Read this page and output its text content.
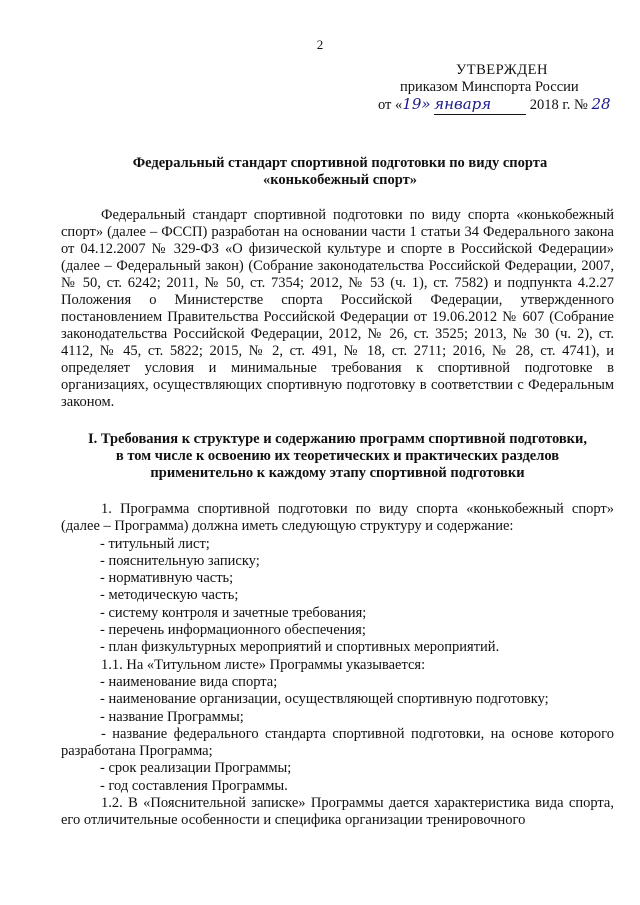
2
УТВЕРЖДЕН
приказом Минспорта России
от «19» января	2018 г. № 28
Федеральный стандарт спортивной подготовки по виду спорта
«конькобежный спорт»
Федеральный стандарт спортивной подготовки по виду спорта «конькобежный спорт» (далее – ФССП) разработан на основании части 1 статьи 34 Федерального закона от 04.12.2007 № 329-ФЗ «О физической культуре и спорте в Российской Федерации» (далее – Федеральный закон) (Собрание законодательства Российской Федерации, 2007, № 50, ст. 6242; 2011, № 50, ст. 7354; 2012, № 53 (ч. 1), ст. 7582) и подпункта 4.2.27 Положения о Министерстве спорта Российской Федерации, утвержденного постановлением Правительства Российской Федерации от 19.06.2012 № 607 (Собрание законодательства Российской Федерации, 2012, № 26, ст. 3525; 2013, № 30 (ч. 2), ст. 4112, № 45, ст. 5822; 2015, № 2, ст. 491, № 18, ст. 2711; 2016, № 28, ст. 4741), и определяет условия и минимальные требования к спортивной подготовке в организациях, осуществляющих спортивную подготовку в соответствии с Федеральным законом.
I. Требования к структуре и содержанию программ спортивной подготовки,
в том числе к освоению их теоретических и практических разделов
применительно к каждому этапу спортивной подготовки

1. Программа спортивной подготовки по виду спорта «конькобежный спорт» (далее – Программа) должна иметь следующую структуру и содержание:

- титульный лист;

- пояснительную записку;

- нормативную часть;

- методическую часть;

- систему контроля и зачетные требования;

- перечень информационного обеспечения;

- план физкультурных мероприятий и спортивных мероприятий.

1.1. На «Титульном листе» Программы указывается:

- наименование вида спорта;

- наименование организации, осуществляющей спортивную подготовку;

- название Программы;

- название федерального стандарта спортивной подготовки, на основе которого разработана Программа;

- срок реализации Программы;

- год составления Программы.

1.2. В «Пояснительной записке» Программы дается характеристика вида спорта, его отличительные особенности и специфика организации тренировочного
